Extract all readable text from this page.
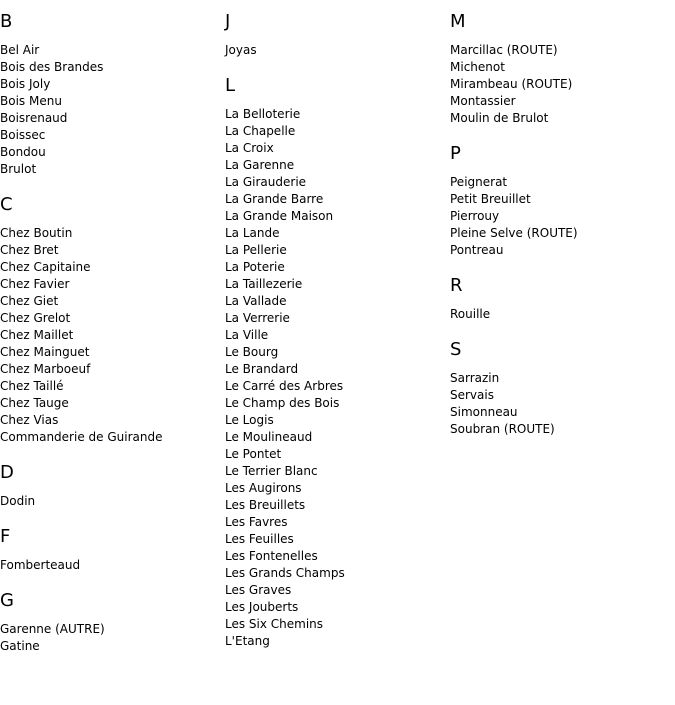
B
Bel Air
Bois des Brandes
Bois Joly
Bois Menu
Boisrenaud
Boissec
Bondou
Brulot
C
Chez Boutin
Chez Bret
Chez Capitaine
Chez Favier
Chez Giet
Chez Grelot
Chez Maillet
Chez Mainguet
Chez Marboeuf
Chez Taillé
Chez Tauge
Chez Vias
Commanderie de Guirande
D
Dodin
F
Fomberteaud
G
Garenne (AUTRE)
Gatine
J
Joyas
L
La Belloterie
La Chapelle
La Croix
La Garenne
La Girauderie
La Grande Barre
La Grande Maison
La Lande
La Pellerie
La Poterie
La Taillezerie
La Vallade
La Verrerie
La Ville
Le Bourg
Le Brandard
Le Carré des Arbres
Le Champ des Bois
Le Logis
Le Moulineaud
Le Pontet
Le Terrier Blanc
Les Augirons
Les Breuillets
Les Favres
Les Feuilles
Les Fontenelles
Les Grands Champs
Les Graves
Les Jouberts
Les Six Chemins
L'Etang
M
Marcillac (ROUTE)
Michenot
Mirambeau (ROUTE)
Montassier
Moulin de Brulot
P
Peignerat
Petit Breuillet
Pierrouy
Pleine Selve (ROUTE)
Pontreau
R
Rouille
S
Sarrazin
Servais
Simonneau
Soubran (ROUTE)
